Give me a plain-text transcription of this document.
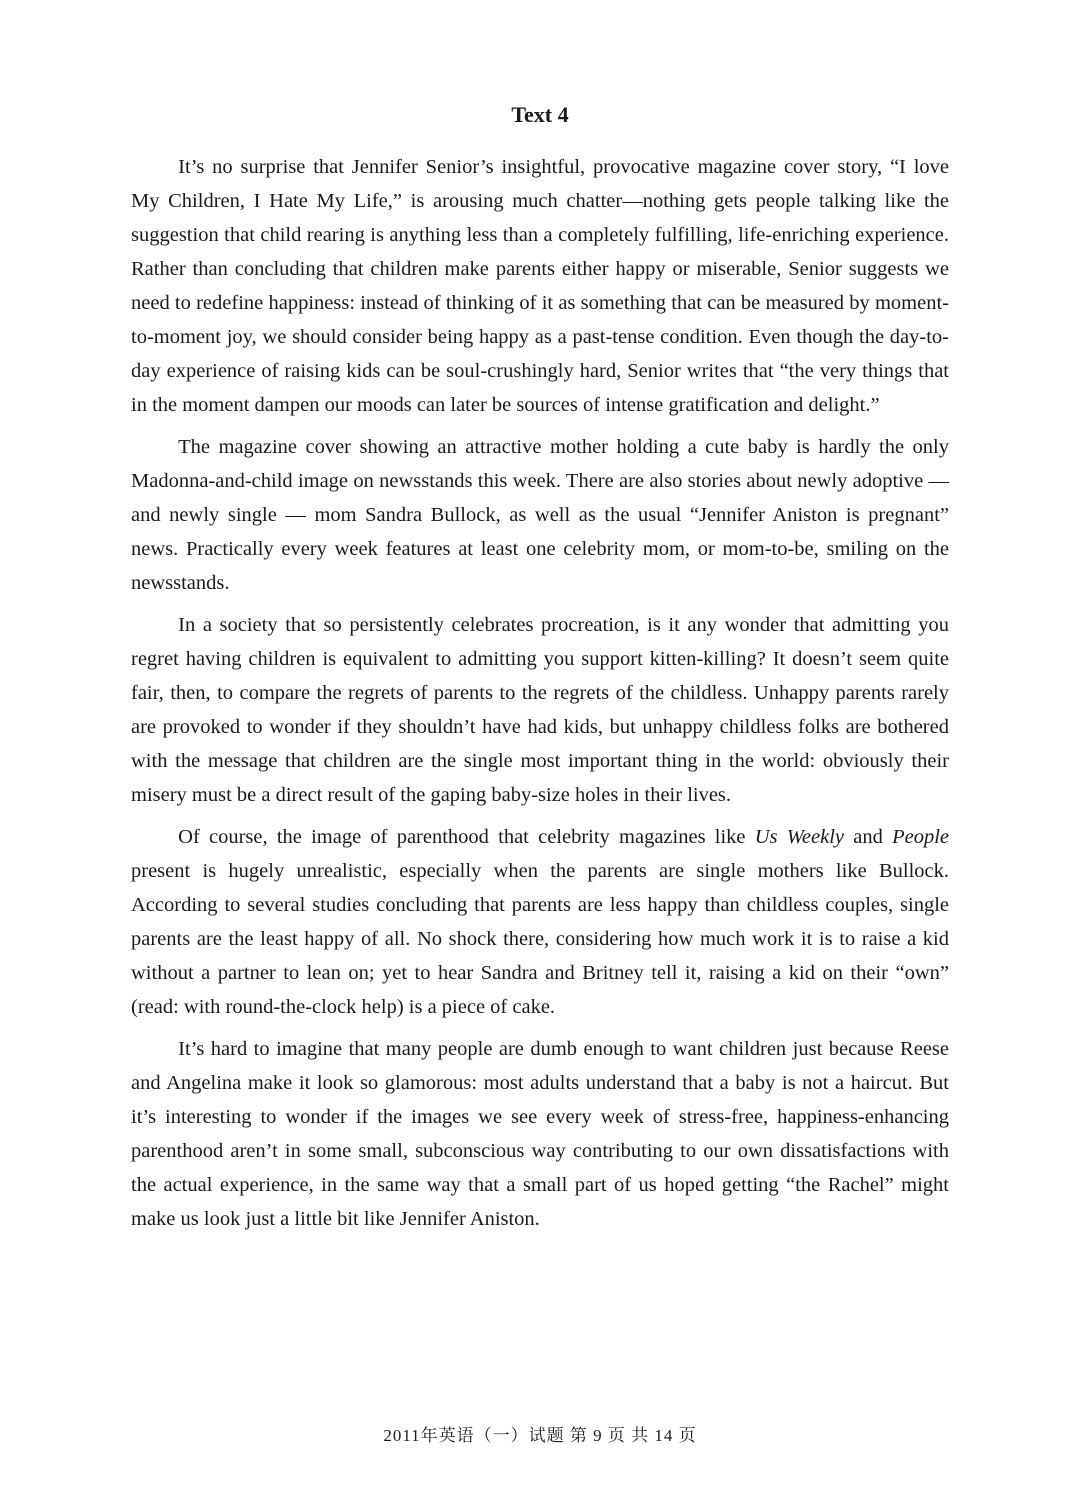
Text 4

It’s no surprise that Jennifer Senior’s insightful, provocative magazine cover story, “I love My Children, I Hate My Life,” is arousing much chatter—nothing gets people talking like the suggestion that child rearing is anything less than a completely fulfilling, life-enriching experience. Rather than concluding that children make parents either happy or miserable, Senior suggests we need to redefine happiness: instead of thinking of it as something that can be measured by moment-to-moment joy, we should consider being happy as a past-tense condition. Even though the day-to-day experience of raising kids can be soul-crushingly hard, Senior writes that “the very things that in the moment dampen our moods can later be sources of intense gratification and delight.”

The magazine cover showing an attractive mother holding a cute baby is hardly the only Madonna-and-child image on newsstands this week. There are also stories about newly adoptive — and newly single — mom Sandra Bullock, as well as the usual “Jennifer Aniston is pregnant” news. Practically every week features at least one celebrity mom, or mom-to-be, smiling on the newsstands.

In a society that so persistently celebrates procreation, is it any wonder that admitting you regret having children is equivalent to admitting you support kitten-killing? It doesn’t seem quite fair, then, to compare the regrets of parents to the regrets of the childless. Unhappy parents rarely are provoked to wonder if they shouldn’t have had kids, but unhappy childless folks are bothered with the message that children are the single most important thing in the world: obviously their misery must be a direct result of the gaping baby-size holes in their lives.

Of course, the image of parenthood that celebrity magazines like Us Weekly and People present is hugely unrealistic, especially when the parents are single mothers like Bullock. According to several studies concluding that parents are less happy than childless couples, single parents are the least happy of all. No shock there, considering how much work it is to raise a kid without a partner to lean on; yet to hear Sandra and Britney tell it, raising a kid on their “own” (read: with round-the-clock help) is a piece of cake.

It’s hard to imagine that many people are dumb enough to want children just because Reese and Angelina make it look so glamorous: most adults understand that a baby is not a haircut. But it’s interesting to wonder if the images we see every week of stress-free, happiness-enhancing parenthood aren’t in some small, subconscious way contributing to our own dissatisfactions with the actual experience, in the same way that a small part of us hoped getting “the Rachel” might make us look just a little bit like Jennifer Aniston.

2011年英语（一）试题 第 9 页 共 14 页
